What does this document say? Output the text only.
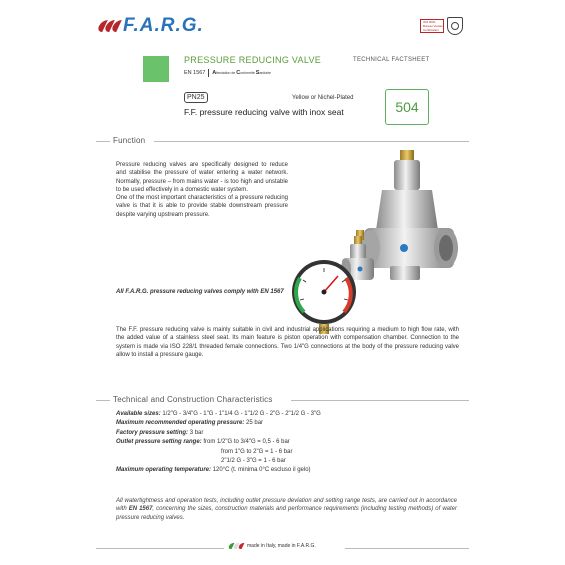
F.A.R.G.	ISO 9001
Bureau Veritas Certification
PRESSURE REDUCING VALVE	TECHNICAL FACTSHEET
EN 1567 Attestation de Conformité Sanitaire
PN25	Yellow or Nichel-Plated
F.F. pressure reducing valve with inox seat	504
Function

Pressure reducing valves are specifically designed to reduce and stabilise the pressure of water entering a water network. Normally, pressure – from mains water - is too high and unstable to be used effectively in a domestic water system.

One of the most important characteristics of a pressure reducing valve is that it is able to provide stable downstream pressure despite varying upstream pressure.

All F.A.R.G. pressure reducing valves comply with EN 1567
The F.F. pressure reducing valve is mainly suitable in civil and industrial applications requiring a medium to high flow rate, with the added value of a stainless steel seat. Its main feature is piston operation with compensation chamber. Connection to the system is made via ISO 228/1 threaded female connections. Two 1/4"G connections at the body of the pressure reducing valve allow to install a pressure gauge.
Technical and Construction Characteristics
Available sizes: 1/2"G - 3/4"G - 1"G - 1"1/4 G - 1"1/2 G - 2"G - 2"1/2 G - 3"G
Maximum recommended operating pressure: 25 bar
Factory pressure setting: 3 bar
Outlet pressure setting range: from 1/2"G to 3/4"G = 0,5 - 6 bar
from 1"G to 2"G = 1 - 6 bar
2"1/2 G - 3"G = 1 - 6 bar
Maximum operating temperature: 120°C (t. minima 0°C escluso il gelo)
All watertightness and operation tests, including outlet pressure deviation and setting range tests, are carried out in accordance with EN 1567, concerning the sizes, construction materials and performance requirements (including testing methods) of water pressure reducing valves.
made in Italy, made in F.A.R.G.
